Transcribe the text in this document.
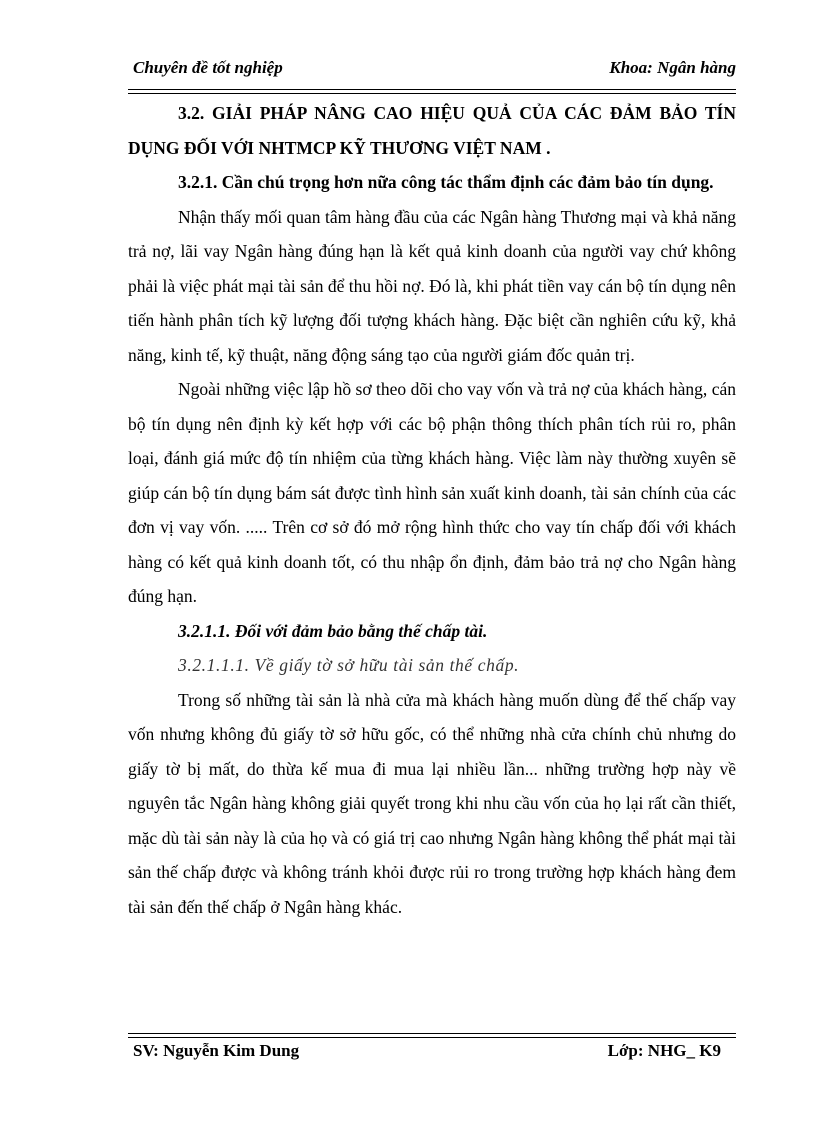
Chuyên đề tốt nghiệp	Khoa: Ngân hàng

3.2. GIẢI PHÁP NÂNG CAO HIỆU QUẢ CỦA CÁC ĐẢM BẢO TÍN DỤNG ĐỐI VỚI NHTMCP KỸ THƯƠNG VIỆT NAM .

3.2.1. Cần chú trọng hơn nữa công tác thẩm định các đảm bảo tín dụng.

Nhận thấy mối quan tâm hàng đầu của các Ngân hàng Thương mại và khả năng trả nợ, lãi vay Ngân hàng đúng hạn là kết quả kinh doanh của người vay chứ không phải là việc phát mại tài sản để thu hồi nợ. Đó là, khi phát tiền vay cán bộ tín dụng nên tiến hành phân tích kỹ lượng đối tượng khách hàng. Đặc biệt cần nghiên cứu kỹ, khả năng, kinh tế, kỹ thuật, năng động sáng tạo của người giám đốc quản trị.

Ngoài những việc lập hồ sơ theo dõi cho vay vốn và trả nợ của khách hàng, cán bộ tín dụng nên định kỳ kết hợp với các bộ phận thông thích phân tích rủi ro, phân loại, đánh giá mức độ tín nhiệm của từng khách hàng. Việc làm này thường xuyên sẽ giúp cán bộ tín dụng bám sát được tình hình sản xuất kinh doanh, tài sản chính của các đơn vị vay vốn. ..... Trên cơ sở đó mở rộng hình thức cho vay tín chấp đối với khách hàng có kết quả kinh doanh tốt, có thu nhập ổn định, đảm bảo trả nợ cho Ngân hàng đúng hạn.

3.2.1.1. Đối với đảm bảo bằng thế chấp tài.

3.2.1.1.1. Về giấy tờ sở hữu tài sản thế chấp.

Trong số những tài sản là nhà cửa mà khách hàng muốn dùng để thế chấp vay vốn nhưng không đủ giấy tờ sở hữu gốc, có thể những nhà cửa chính chủ nhưng do giấy tờ bị mất, do thừa kế mua đi mua lại nhiều lần... những trường hợp này về nguyên tắc Ngân hàng không giải quyết trong khi nhu cầu vốn của họ lại rất cần thiết, mặc dù tài sản này là của họ và có giá trị cao nhưng Ngân hàng không thể phát mại tài sản thế chấp được và không tránh khỏi được rủi ro trong trường hợp khách hàng đem tài sản đến thế chấp ở Ngân hàng khác.

SV: Nguyễn Kim Dung	Lớp: NHG_ K9
